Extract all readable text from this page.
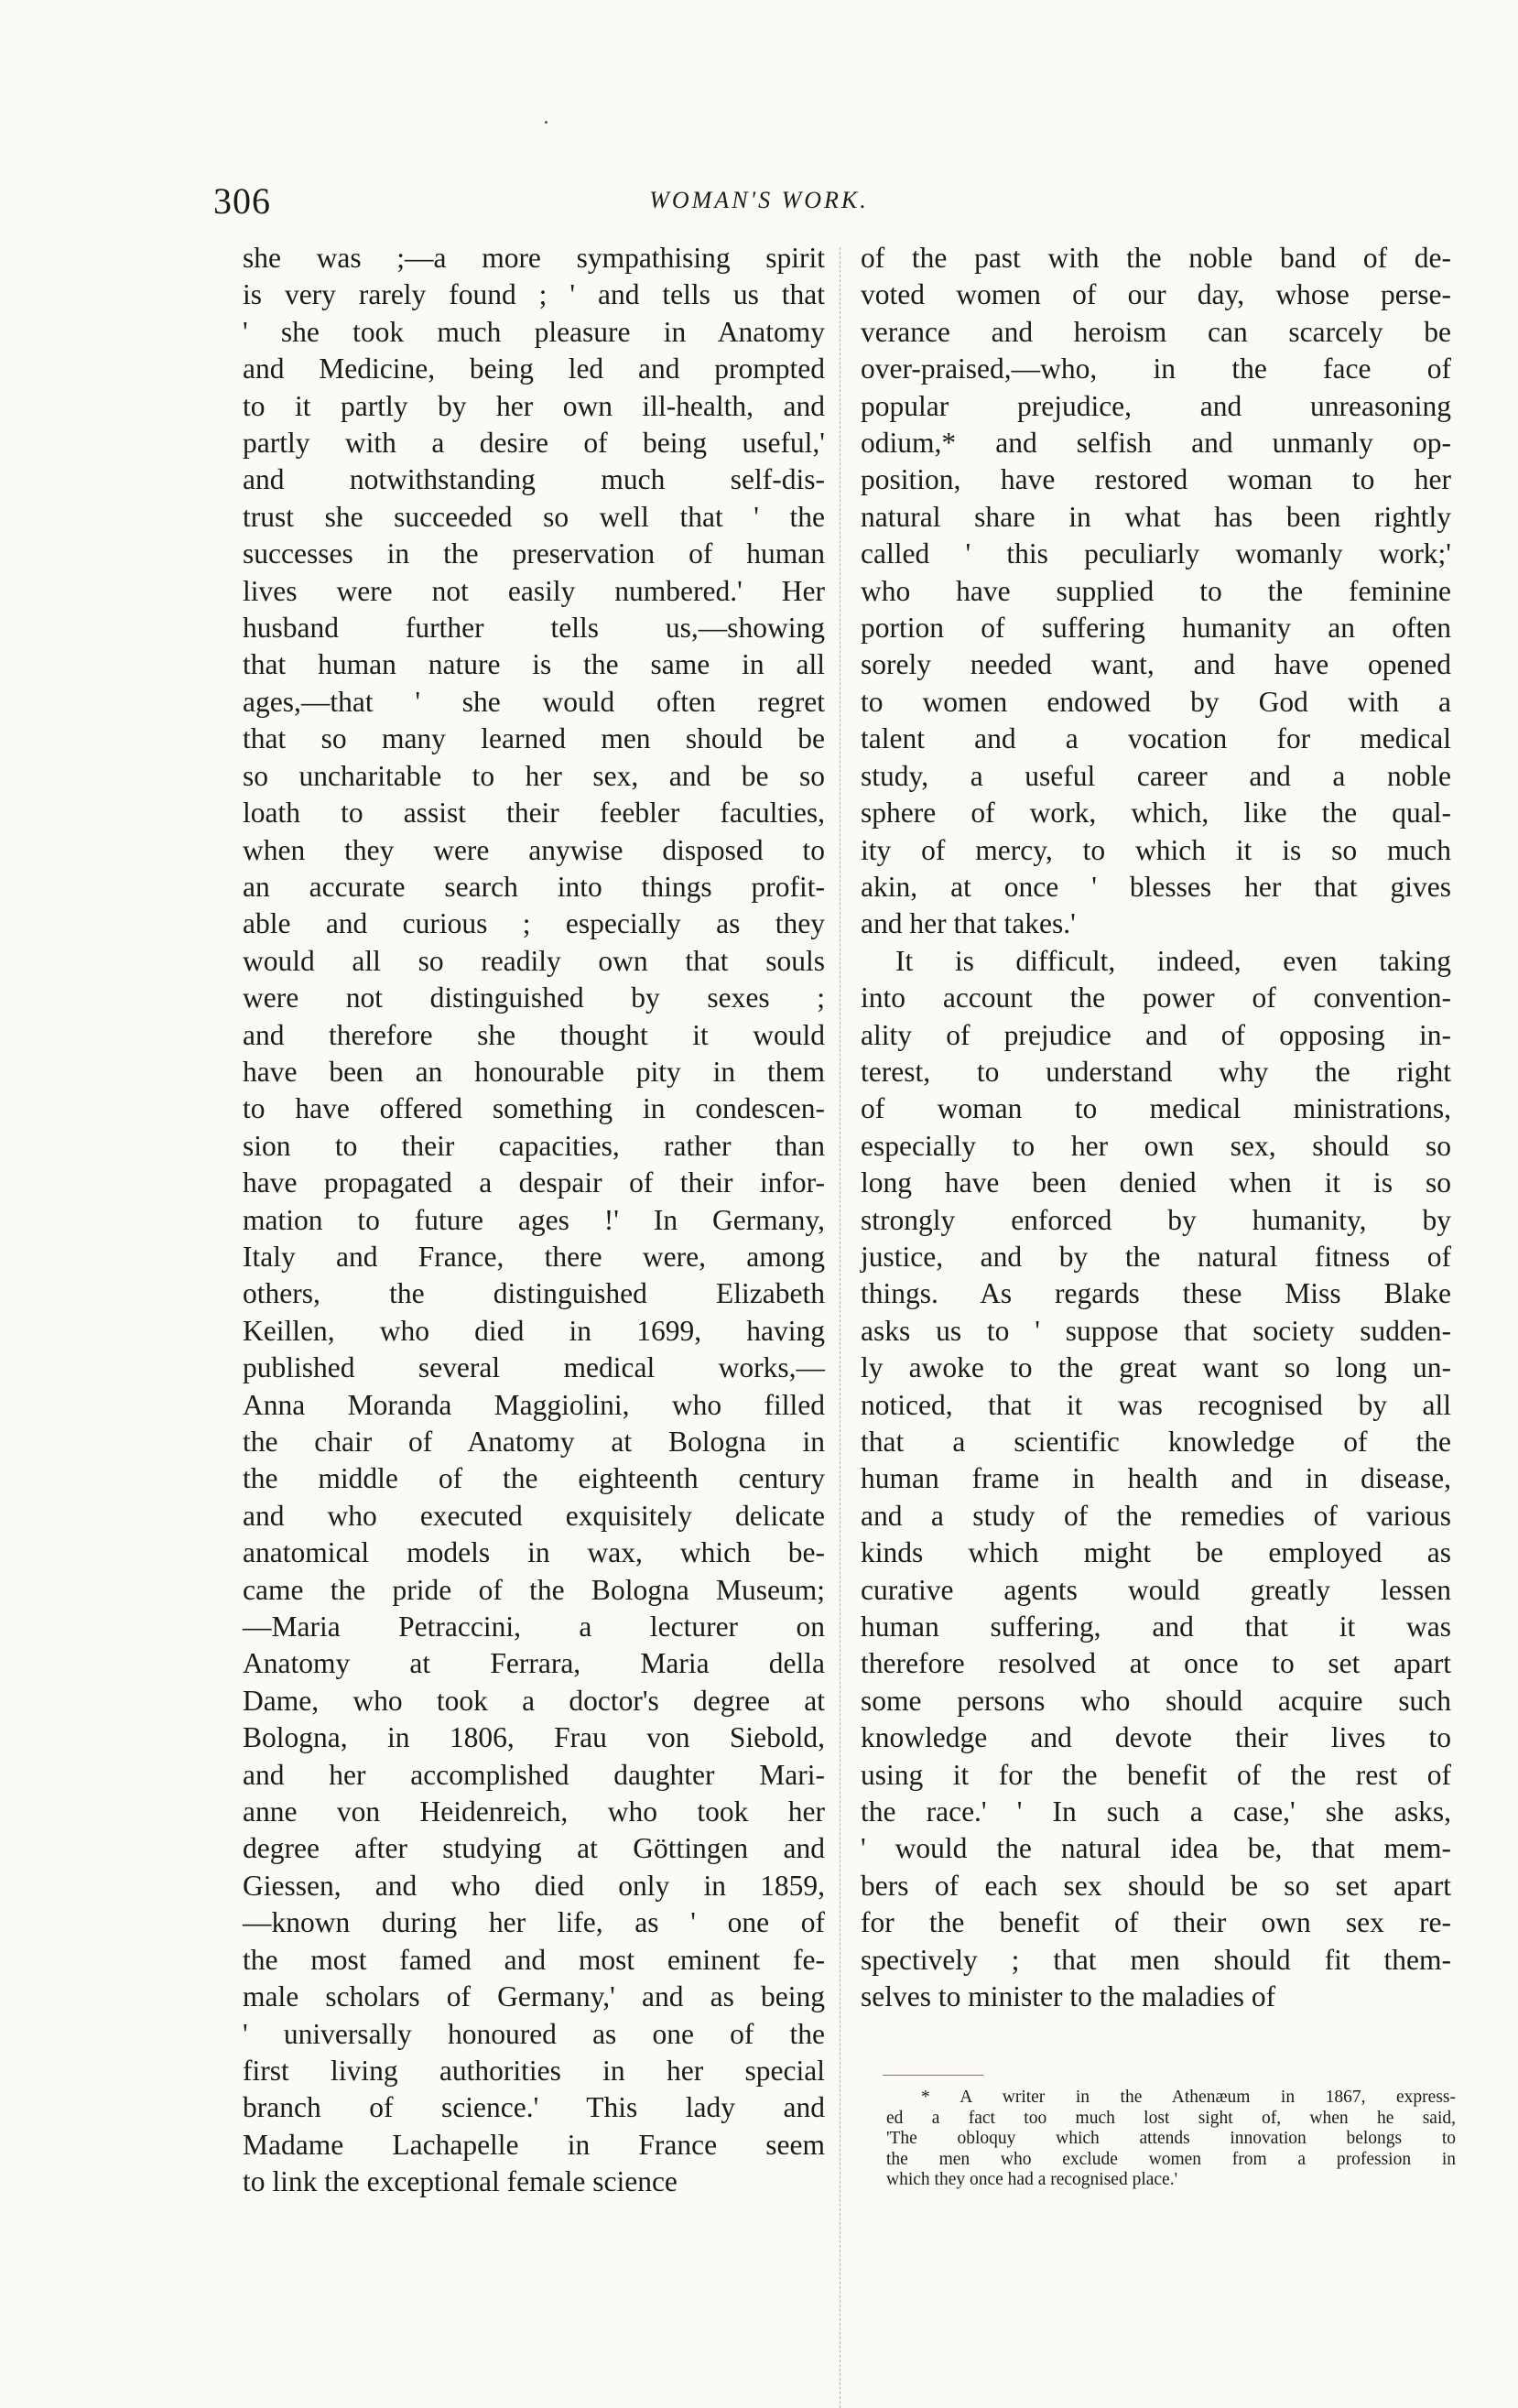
306	WOMAN'S WORK.
she was ;—a more sympathising spirit
is very rarely found ; ' and tells us that
' she took much pleasure in Anatomy
and Medicine, being led and prompted
to it partly by her own ill-health, and
partly with a desire of being useful,'
and notwithstanding much self-dis-
trust she succeeded so well that ' the
successes in the preservation of human
lives were not easily numbered.' Her
husband further tells us,—showing
that human nature is the same in all
ages,—that ' she would often regret
that so many learned men should be
so uncharitable to her sex, and be so
loath to assist their feebler faculties,
when they were anywise disposed to
an accurate search into things profit-
able and curious ; especially as they
would all so readily own that souls
were not distinguished by sexes ;
and therefore she thought it would
have been an honourable pity in them
to have offered something in condescen-
sion to their capacities, rather than
have propagated a despair of their infor-
mation to future ages !' In Germany,
Italy and France, there were, among
others, the distinguished Elizabeth
Keillen, who died in 1699, having
published several medical works,—
Anna Moranda Maggiolini, who filled
the chair of Anatomy at Bologna in
the middle of the eighteenth century
and who executed exquisitely delicate
anatomical models in wax, which be-
came the pride of the Bologna Museum;
—Maria Petraccini, a lecturer on
Anatomy at Ferrara, Maria della
Dame, who took a doctor's degree at
Bologna, in 1806, Frau von Siebold,
and her accomplished daughter Mari-
anne von Heidenreich, who took her
degree after studying at Göttingen and
Giessen, and who died only in 1859,
—known during her life, as ' one of
the most famed and most eminent fe-
male scholars of Germany,' and as being
' universally honoured as one of the
first living authorities in her special
branch of science.' This lady and
Madame Lachapelle in France seem
to link the exceptional female science
of the past with the noble band of de-
voted women of our day, whose perse-
verance and heroism can scarcely be
over-praised,—who, in the face of
popular prejudice, and unreasoning
odium,* and selfish and unmanly op-
position, have restored woman to her
natural share in what has been rightly
called ' this peculiarly womanly work;'
who have supplied to the feminine
portion of suffering humanity an often
sorely needed want, and have opened
to women endowed by God with a
talent and a vocation for medical
study, a useful career and a noble
sphere of work, which, like the qual-
ity of mercy, to which it is so much
akin, at once ' blesses her that gives
and her that takes.'
It is difficult, indeed, even taking
into account the power of convention-
ality of prejudice and of opposing in-
terest, to understand why the right
of woman to medical ministrations,
especially to her own sex, should so
long have been denied when it is so
strongly enforced by humanity, by
justice, and by the natural fitness of
things. As regards these Miss Blake
asks us to ' suppose that society sudden-
ly awoke to the great want so long un-
noticed, that it was recognised by all
that a scientific knowledge of the
human frame in health and in disease,
and a study of the remedies of various
kinds which might be employed as
curative agents would greatly lessen
human suffering, and that it was
therefore resolved at once to set apart
some persons who should acquire such
knowledge and devote their lives to
using it for the benefit of the rest of
the race.' ' In such a case,' she asks,
' would the natural idea be, that mem-
bers of each sex should be so set apart
for the benefit of their own sex re-
spectively ; that men should fit them-
selves to minister to the maladies of
* A writer in the Athenæum in 1867, express-
ed a fact too much lost sight of, when he said,
'The obloquy which attends innovation belongs to
the men who exclude women from a profession in
which they once had a recognised place.'
